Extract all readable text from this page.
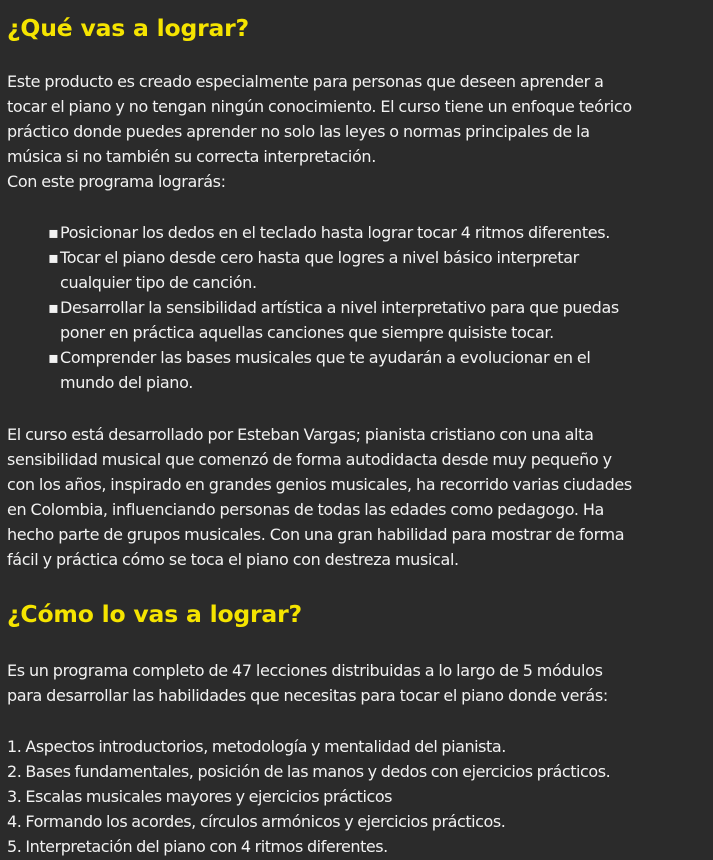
¿Qué vas a lograr?

Este producto es creado especialmente para personas que deseen aprender a

tocar el piano y no tengan ningún conocimiento. El curso tiene un enfoque teórico

práctico donde puedes aprender no solo las leyes o normas principales de la

música si no también su correcta interpretación.

Con este programa lograrás:

▪ Posicionar los dedos en el teclado hasta lograr tocar 4 ritmos diferentes.
▪ Tocar el piano desde cero hasta que logres a nivel básico interpretar
cualquier tipo de canción.
▪ Desarrollar la sensibilidad artística a nivel interpretativo para que puedas
poner en práctica aquellas canciones que siempre quisiste tocar.
▪ Comprender las bases musicales que te ayudarán a evolucionar en el
mundo del piano.

El curso está desarrollado por Esteban Vargas; pianista cristiano con una alta

sensibilidad musical que comenzó de forma autodidacta desde muy pequeño y

con los años, inspirado en grandes genios musicales, ha recorrido varias ciudades

en Colombia, influenciando personas de todas las edades como pedagogo. Ha

hecho parte de grupos musicales. Con una gran habilidad para mostrar de forma

fácil y práctica cómo se toca el piano con destreza musical.

¿Cómo lo vas a lograr?

Es un programa completo de 47 lecciones distribuidas a lo largo de 5 módulos

para desarrollar las habilidades que necesitas para tocar el piano donde verás:

1. Aspectos introductorios, metodología y mentalidad del pianista.
2. Bases fundamentales, posición de las manos y dedos con ejercicios prácticos.
3. Escalas musicales mayores y ejercicios prácticos
4. Formando los acordes, círculos armónicos y ejercicios prácticos.
5. Interpretación del piano con 4 ritmos diferentes.
